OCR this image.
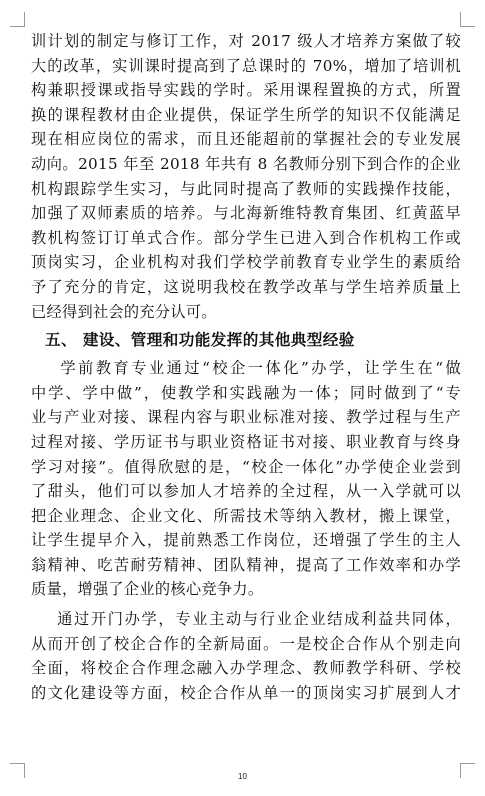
训计划的制定与修订工作，对 2017 级人才培养方案做了较
大的改革，实训课时提高到了总课时的 70%，增加了培训机
构兼职授课或指导实践的学时。采用课程置换的方式，所置
换的课程教材由企业提供，保证学生所学的知识不仅能满足
现在相应岗位的需求，而且还能超前的掌握社会的专业发展
动向。2015 年至 2018 年共有 8 名教师分别下到合作的企业
机构跟踪学生实习，与此同时提高了教师的实践操作技能，
加强了双师素质的培养。与北海新维特教育集团、红黄蓝早
教机构签订订单式合作。部分学生已进入到合作机构工作或
顶岗实习，企业机构对我们学校学前教育专业学生的素质给
予了充分的肯定，这说明我校在教学改革与学生培养质量上
已经得到社会的充分认可。
五、 建设、管理和功能发挥的其他典型经验
学前教育专业通过“校企一体化”办学，让学生在“做
中学、学中做”，使教学和实践融为一体；同时做到了“专
业与产业对接、课程内容与职业标准对接、教学过程与生产
过程对接、学历证书与职业资格证书对接、职业教育与终身
学习对接”。值得欣慰的是，“校企一体化”办学使企业尝到
了甜头，他们可以参加人才培养的全过程，从一入学就可以
把企业理念、企业文化、所需技术等纳入教材，搬上课堂，
让学生提早介入，提前熟悉工作岗位，还增强了学生的主人
翁精神、吃苦耐劳精神、团队精神，提高了工作效率和办学
质量，增强了企业的核心竞争力。
通过开门办学，专业主动与行业企业结成利益共同体，
从而开创了校企合作的全新局面。一是校企合作从个别走向
全面，将校企合作理念融入办学理念、教师教学科研、学校
的文化建设等方面，校企合作从单一的顶岗实习扩展到人才
10
